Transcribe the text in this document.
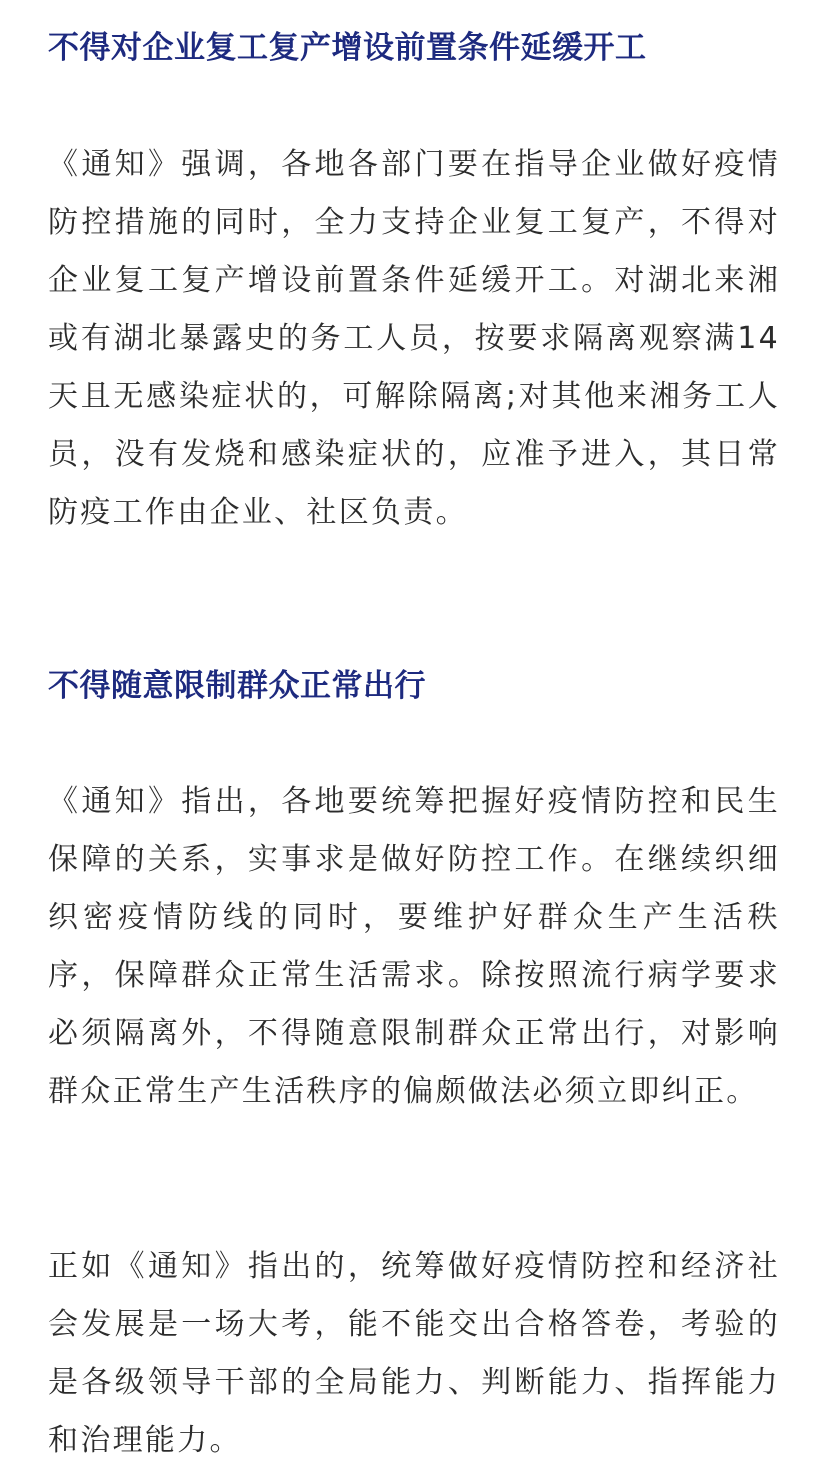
不得对企业复工复产增设前置条件延缓开工

《通知》强调，各地各部门要在指导企业做好疫情防控措施的同时，全力支持企业复工复产，不得对企业复工复产增设前置条件延缓开工。对湖北来湘或有湖北暴露史的务工人员，按要求隔离观察满14天且无感染症状的，可解除隔离;对其他来湘务工人员，没有发烧和感染症状的，应准予进入，其日常防疫工作由企业、社区负责。

不得随意限制群众正常出行

《通知》指出，各地要统筹把握好疫情防控和民生保障的关系，实事求是做好防控工作。在继续织细织密疫情防线的同时，要维护好群众生产生活秩序，保障群众正常生活需求。除按照流行病学要求必须隔离外，不得随意限制群众正常出行，对影响群众正常生产生活秩序的偏颇做法必须立即纠正。

正如《通知》指出的，统筹做好疫情防控和经济社会发展是一场大考，能不能交出合格答卷，考验的是各级领导干部的全局能力、判断能力、指挥能力和治理能力。
